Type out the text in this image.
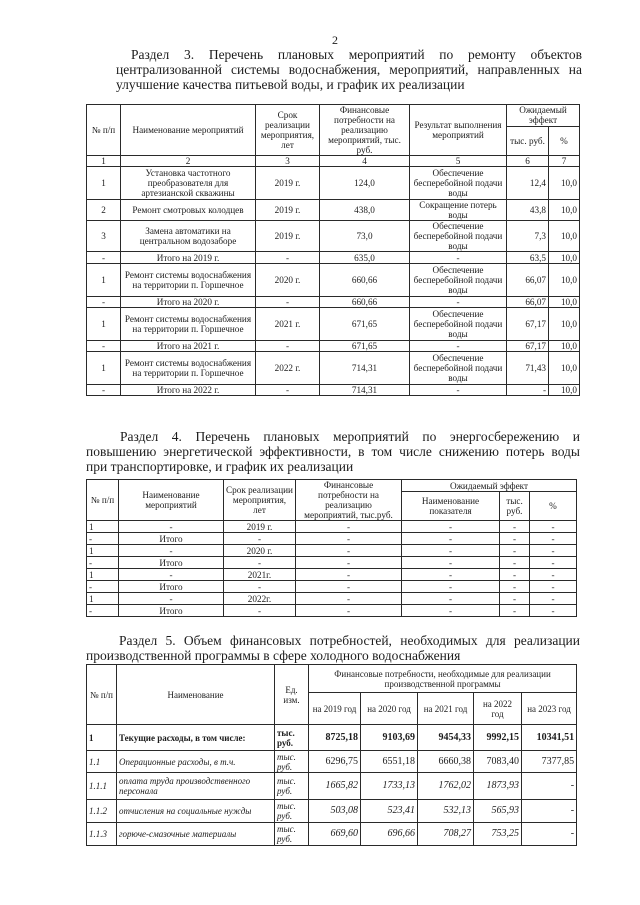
2
Раздел 3. Перечень плановых мероприятий по ремонту объектов
централизованной системы водоснабжения, мероприятий, направленных на
улучшение качества питьевой воды, и график их реализации
№ п/п	Наименование мероприятий	Срок реализации мероприятия, лет	Финансовые потребности на реализацию мероприятий, тыс. руб.	Результат выполнения мероприятий	Ожидаемый эффект	
					тыс. руб.	%
1	2	3	4	5	6	7
1	Установка частотного преобразователя для артезианской скважины	2019 г.	124,0	Обеспечение бесперебойной подачи воды	12,4	10,0
2	Ремонт смотровых колодцев	2019 г.	438,0	Сокращение потерь воды	43,8	10,0
3	Замена автоматики на центральном водозаборе	2019 г.	73,0	Обеспечение бесперебойной подачи воды	7,3	10,0
-	Итого на 2019 г.	-	635,0	-	63,5	10,0
1	Ремонт системы водоснабжения на территории п. Горшечное	2020 г.	660,66	Обеспечение бесперебойной подачи воды	66,07	10,0
-	Итого на 2020 г.	-	660,66	-	66,07	10,0
1	Ремонт системы водоснабжения на территории п. Горшечное	2021 г.	671,65	Обеспечение бесперебойной подачи воды	67,17	10,0
-	Итого на 2021 г.	-	671,65	-	67,17	10,0
1	Ремонт системы водоснабжения на территории п. Горшечное	2022 г.	714,31	Обеспечение бесперебойной подачи воды	71,43	10,0
-	Итого на 2022 г.	-	714,31	-	-	10,0
Раздел 4. Перечень плановых мероприятий по энергосбережению и
повышению энергетической эффективности, в том числе снижению потерь воды
при транспортировке, и график их реализации
№ п/п	Наименование мероприятий	Срок реализации мероприятия, лет	Финансовые потребности на реализацию мероприятий, тыс.руб.	Ожидаемый эффект		
				Наименование показателя	тыс. руб.	%
1	-	2019 г.	-	-	-	-
-	Итого	-	-	-	-	-
1	-	2020 г.	-	-	-	-
-	Итого	-	-	-	-	-
1	-	2021г.	-	-	-	-
-	Итого	-	-	-	-	-
1	-	2022г.	-	-	-	-
-	Итого	-	-	-	-	-
Раздел 5. Объем финансовых потребностей, необходимых для реализации
производственной программы в сфере холодного водоснабжения
№ п/п	Наименование	Ед. изм.	Финансовые потребности, необходимые для реализации производственной программы				
			на 2019 год	на 2020 год	на 2021 год	на 2022 год	на 2023 год
1	Текущие расходы, в том числе:	тыс. руб.	8725,18	9103,69	9454,33	9992,15	10341,51
1.1	Операционные расходы, в т.ч.	тыс. руб.	6296,75	6551,18	6660,38	7083,40	7377,85
1.1.1	оплата труда производственного персонала	тыс. руб.	1665,82	1733,13	1762,02	1873,93	-
1.1.2	отчисления на социальные нужды	тыс. руб.	503,08	523,41	532,13	565,93	-
1.1.3	горюче-смазочные материалы	тыс. руб.	669,60	696,66	708,27	753,25	-
